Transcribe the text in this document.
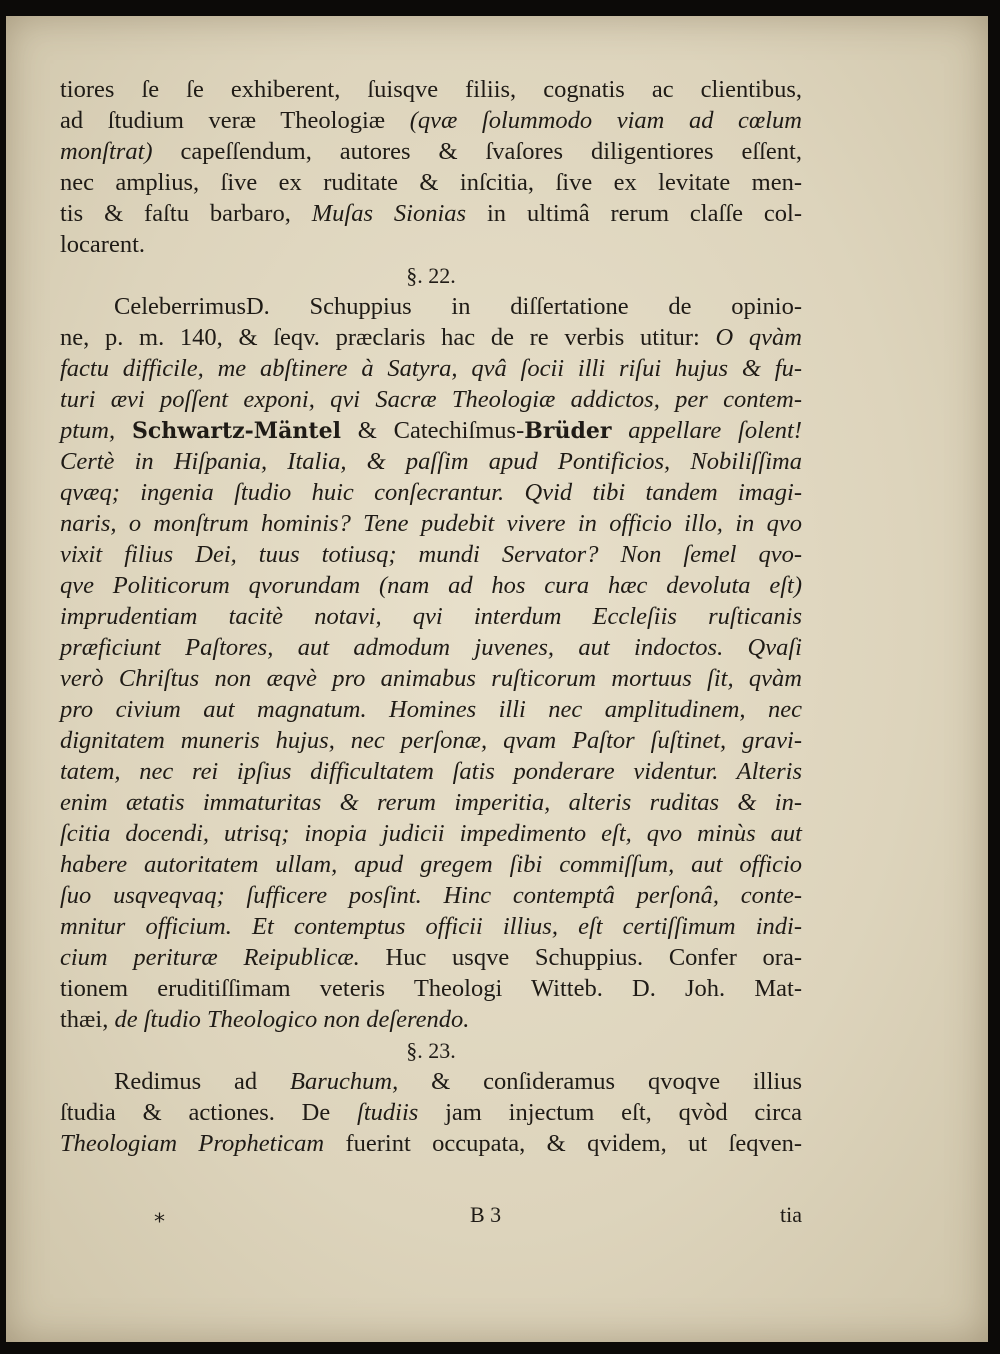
tiores ſe ſe exhiberent, ſuisqve filiis, cognatis ac clientibus,
ad ſtudium veræ Theologiæ (qvæ ſolummodo viam ad cœlum
monſtrat) capeſſendum, autores & ſvaſores diligentiores eſſent,
nec amplius, ſive ex ruditate & inſcitia, ſive ex levitate men-
tis & faſtu barbaro, Muſas Sionias in ultimâ rerum claſſe col-
locarent.
§. 22.
CeleberrimusD. Schuppius in diſſertatione de opinio-
ne, p. m. 140, & ſeqv. præclaris hac de re verbis utitur: O qvàm
factu difficile, me abſtinere à Satyra, qvâ ſocii illi riſui hujus & fu-
turi ævi poſſent exponi, qvi Sacræ Theologiæ addictos, per contem-
ptum, Schwartz-Mäntel & Catechiſmus-Brüder appellare ſolent!
Certè in Hiſpania, Italia, & paſſim apud Pontificios, Nobiliſſima
qvæq; ingenia ſtudio huic conſecrantur. Qvid tibi tandem imagi-
naris, o monſtrum hominis? Tene pudebit vivere in officio illo, in qvo
vixit filius Dei, tuus totiusq; mundi Servator? Non ſemel qvo-
qve Politicorum qvorundam (nam ad hos cura hæc devoluta eſt)
imprudentiam tacitè notavi, qvi interdum Eccleſiis ruſticanis
præficiunt Paſtores, aut admodum juvenes, aut indoctos. Qvaſi
verò Chriſtus non æqvè pro animabus ruſticorum mortuus ſit, qvàm
pro civium aut magnatum. Homines illi nec amplitudinem, nec
dignitatem muneris hujus, nec perſonæ, qvam Paſtor ſuſtinet, gravi-
tatem, nec rei ipſius difficultatem ſatis ponderare videntur. Alteris
enim ætatis immaturitas & rerum imperitia, alteris ruditas & in-
ſcitia docendi, utrisq; inopia judicii impedimento eſt, qvo minùs aut
habere autoritatem ullam, apud gregem ſibi commiſſum, aut officio
ſuo usqveqvaq; ſufficere posſint. Hinc contemptâ perſonâ, conte-
mnitur officium. Et contemptus officii illius, eſt certiſſimum indi-
cium perituræ Reipublicæ. Huc usqve Schuppius. Confer ora-
tionem eruditiſſimam veteris Theologi Witteb. D. Joh. Mat-
thæi, de ſtudio Theologico non deſerendo.
§. 23.
Redimus ad Baruchum, & conſideramus qvoqve illius
ſtudia & actiones. De ſtudiis jam injectum eſt, qvòd circa
Theologiam Propheticam fuerint occupata, & qvidem, ut ſeqven-
⁎	B 3	tia
